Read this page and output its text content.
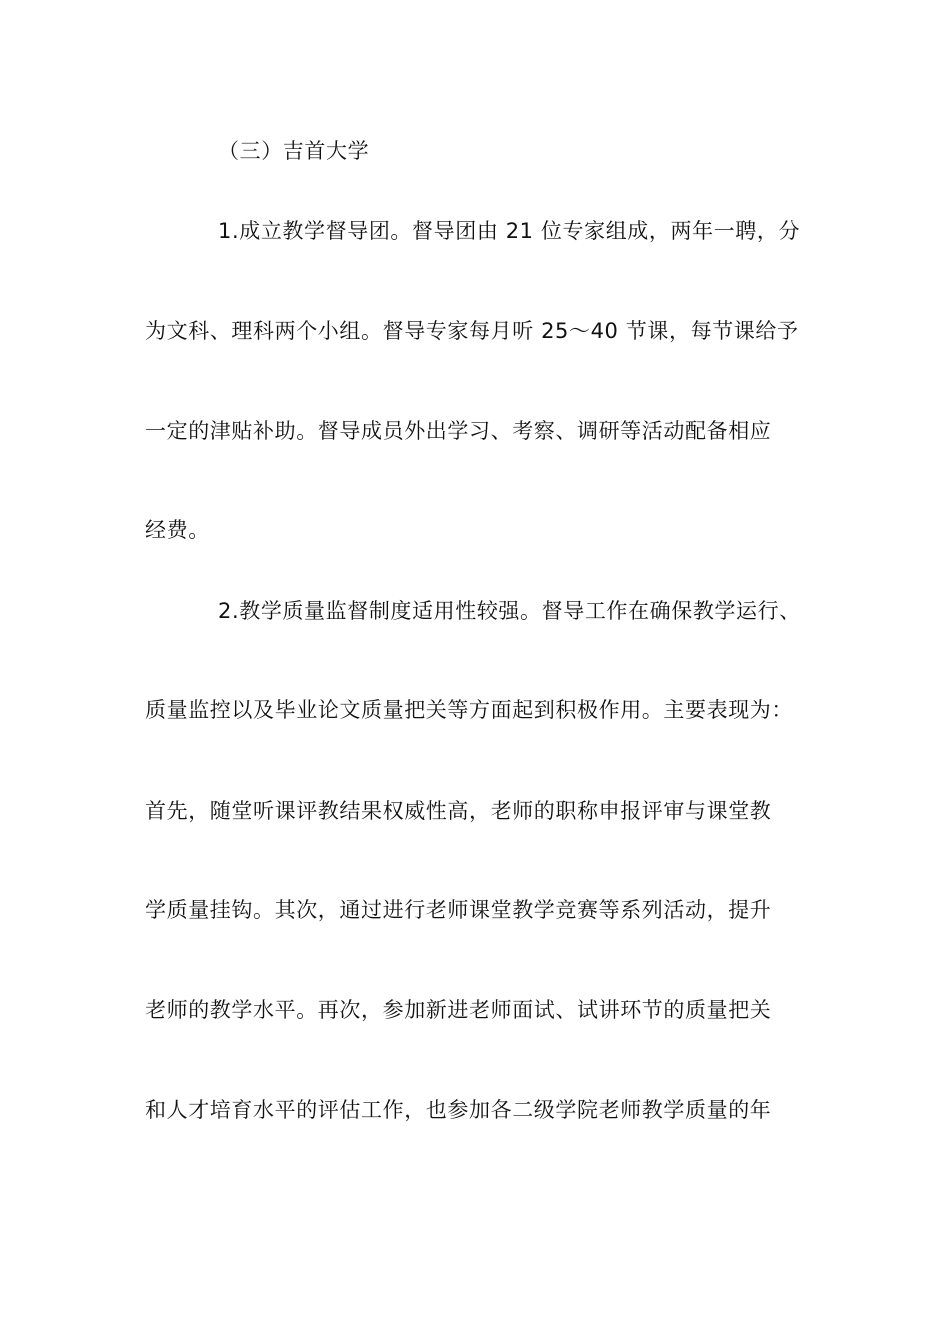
（三）吉首大学
1.成立教学督导团。督导团由 21 位专家组成，两年一聘，分
为文科、理科两个小组。督导专家每月听 25～40 节课，每节课给予
一定的津贴补助。督导成员外出学习、考察、调研等活动配备相应
经费。
2.教学质量监督制度适用性较强。督导工作在确保教学运行、
质量监控以及毕业论文质量把关等方面起到积极作用。主要表现为：
首先，随堂听课评教结果权威性高，老师的职称申报评审与课堂教
学质量挂钩。其次，通过进行老师课堂教学竞赛等系列活动，提升
老师的教学水平。再次，参加新进老师面试、试讲环节的质量把关
和人才培育水平的评估工作，也参加各二级学院老师教学质量的年
